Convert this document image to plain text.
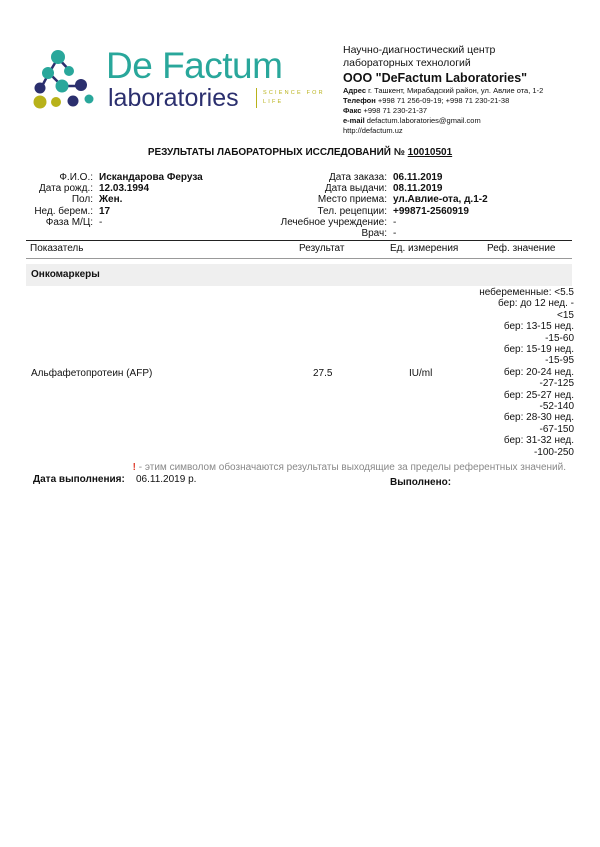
De Factum
laboratories	SCIENCE FOR LIFE
Научно-диагностический центр
лабораторных технологий
ООО "DeFactum Laboratories"
Адрес г. Ташкент, Мирабадский район, ул. Авлие ота, 1-2
Телефон +998 71 256-09-19; +998 71 230-21-38
Факс +998 71 230-21-37
e-mail defactum.laboratories@gmail.com
http://defactum.uz
РЕЗУЛЬТАТЫ ЛАБОРАТОРНЫХ ИССЛЕДОВАНИЙ № 10010501
Ф.И.О.: Искандарова Феруза
Дата рожд.: 12.03.1994
Пол: Жен.
Нед. берем.: 17
Фаза М/Ц: -
Дата заказа: 06.11.2019
Дата выдачи: 08.11.2019
Место приема: ул.Авлие-ота, д.1-2
Тел. рецепции: +99871-2560919
Лечебное учреждение: -
Врач: -
Показатель	Результат	Ед. измерения	Реф. значение
Онкомаркеры
Альфафетопротеин (AFP)	27.5	IU/ml
небеременные: <5.5
бер: до 12 нед. -
<15
бер: 13-15 нед.
-15-60
бер: 15-19 нед.
-15-95
бер: 20-24 нед.
-27-125
бер: 25-27 нед.
-52-140
бер: 28-30 нед.
-67-150
бер: 31-32 нед.
-100-250
! - этим символом обозначаются результаты выходящие за пределы референтных значений.
Дата выполнения: 06.11.2019 р.	Выполнено:
